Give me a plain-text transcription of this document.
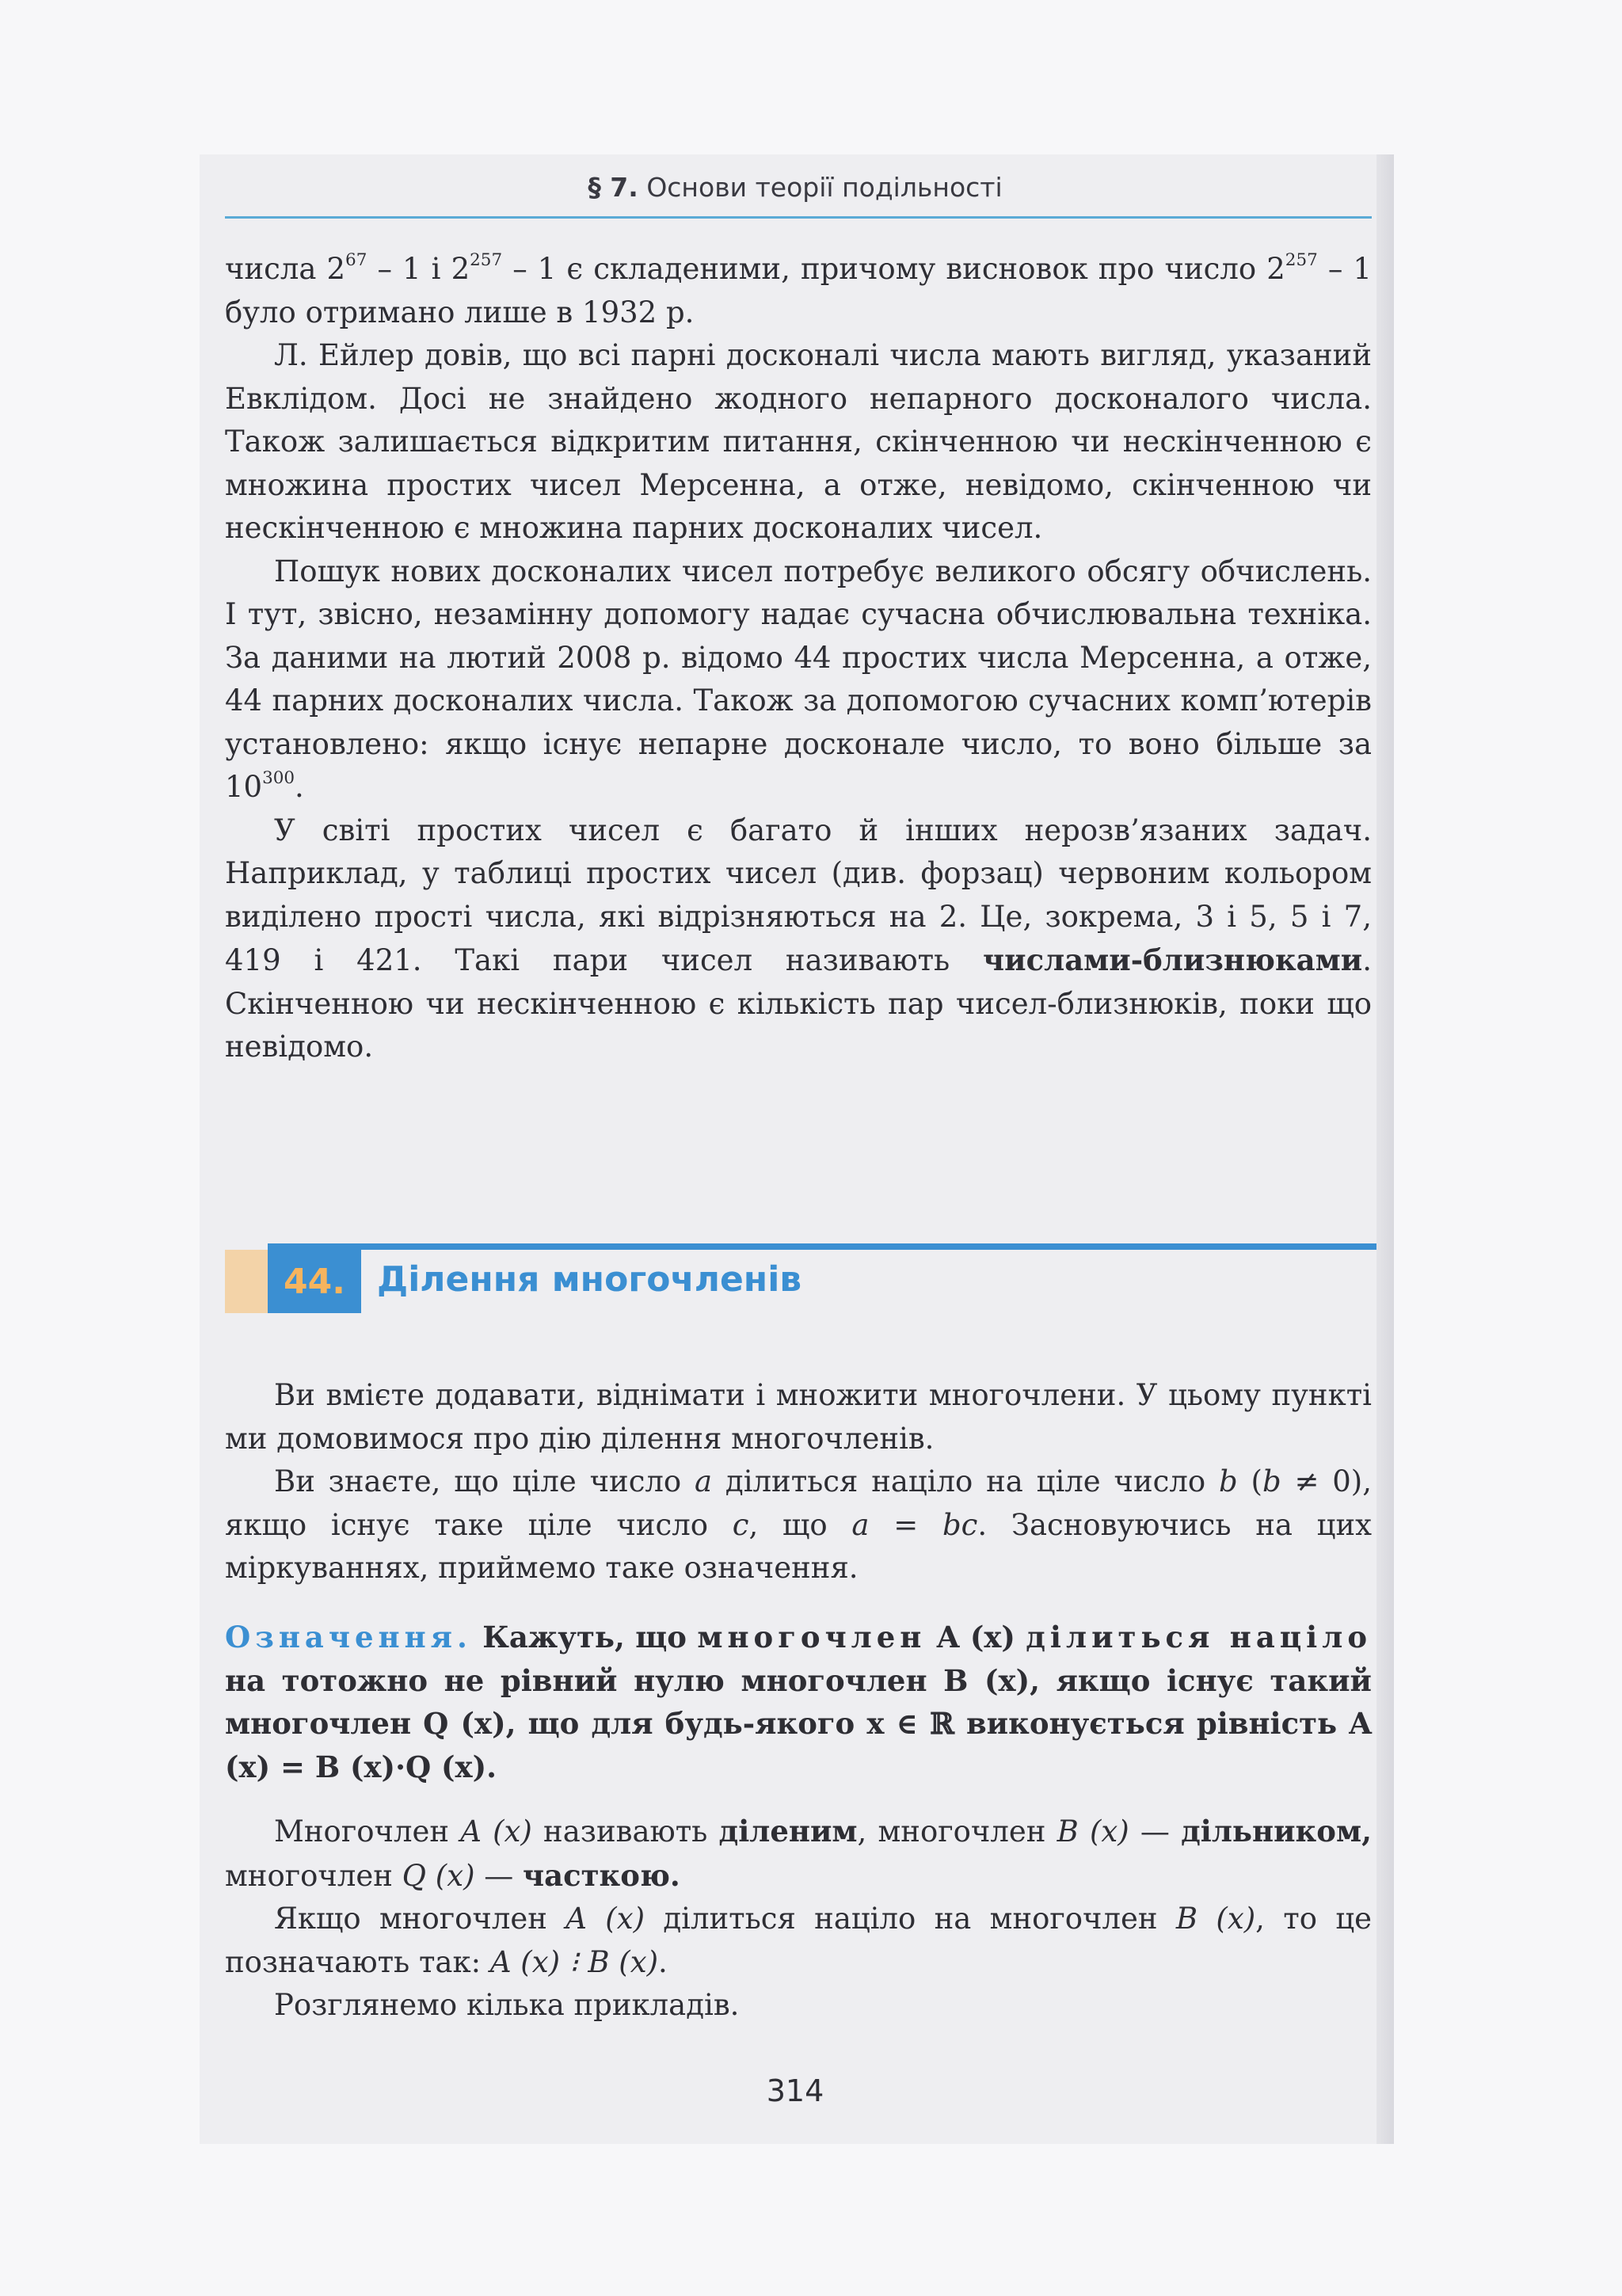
§ 7. Основи теорії подільності

числа $2^{67} - 1$ і $2^{257} - 1$ є складеними, причому висновок про число $2^{257} - 1$ було отримано лише в 1932 р.

Л. Ейлер довів, що всі парні досконалі числа мають вигляд, указаний Евклідом. Досі не знайдено жодного непарного досконалого числа. Також залишається відкритим питання, скінченною чи нескінченною є множина простих чисел Мерсенна, а отже, невідомо, скінченною чи нескінченною є множина парних досконалих чисел.

Пошук нових досконалих чисел потребує великого обсягу обчислень. І тут, звісно, незамінну допомогу надає сучасна обчислювальна техніка. За даними на лютий 2008 р. відомо 44 простих числа Мерсенна, а отже, 44 парних досконалих числа. Також за допомогою сучасних комп’ютерів установлено: якщо існує непарне досконале число, то воно більше за $10^{300}$.

У світі простих чисел є багато й інших нерозв’язаних задач. Наприклад, у таблиці простих чисел (див. форзац) червоним кольором виділено прості числа, які відрізняються на 2. Це, зокрема, 3 і 5, 5 і 7, 419 і 421. Такі пари чисел називають числами-близнюками. Скінченною чи нескінченною є кількість пар чисел-близнюків, поки що невідомо.

44. Ділення многочленів

Ви вмієте додавати, віднімати і множити многочлени. У цьому пункті ми домовимося про дію ділення многочленів.

Ви знаєте, що ціле число a ділиться націло на ціле число b (b ≠ 0), якщо існує таке ціле число c, що a = bc. Засновуючись на цих міркуваннях, приймемо таке означення.

Означення. Кажуть, що многочлен A (x) ділиться націло на тотожно не рівний нулю многочлен B (x), якщо існує такий многочлен Q (x), що для будь-якого x ∈ ℝ виконується рівність A (x) = B (x)·Q (x).

Многочлен A (x) називають діленим, многочлен B (x) — дільником, многочлен Q (x) — часткою.

Якщо многочлен A (x) ділиться націло на многочлен B (x), то це позначають так: A (x) ⁝ B (x).

Розглянемо кілька прикладів.

314
